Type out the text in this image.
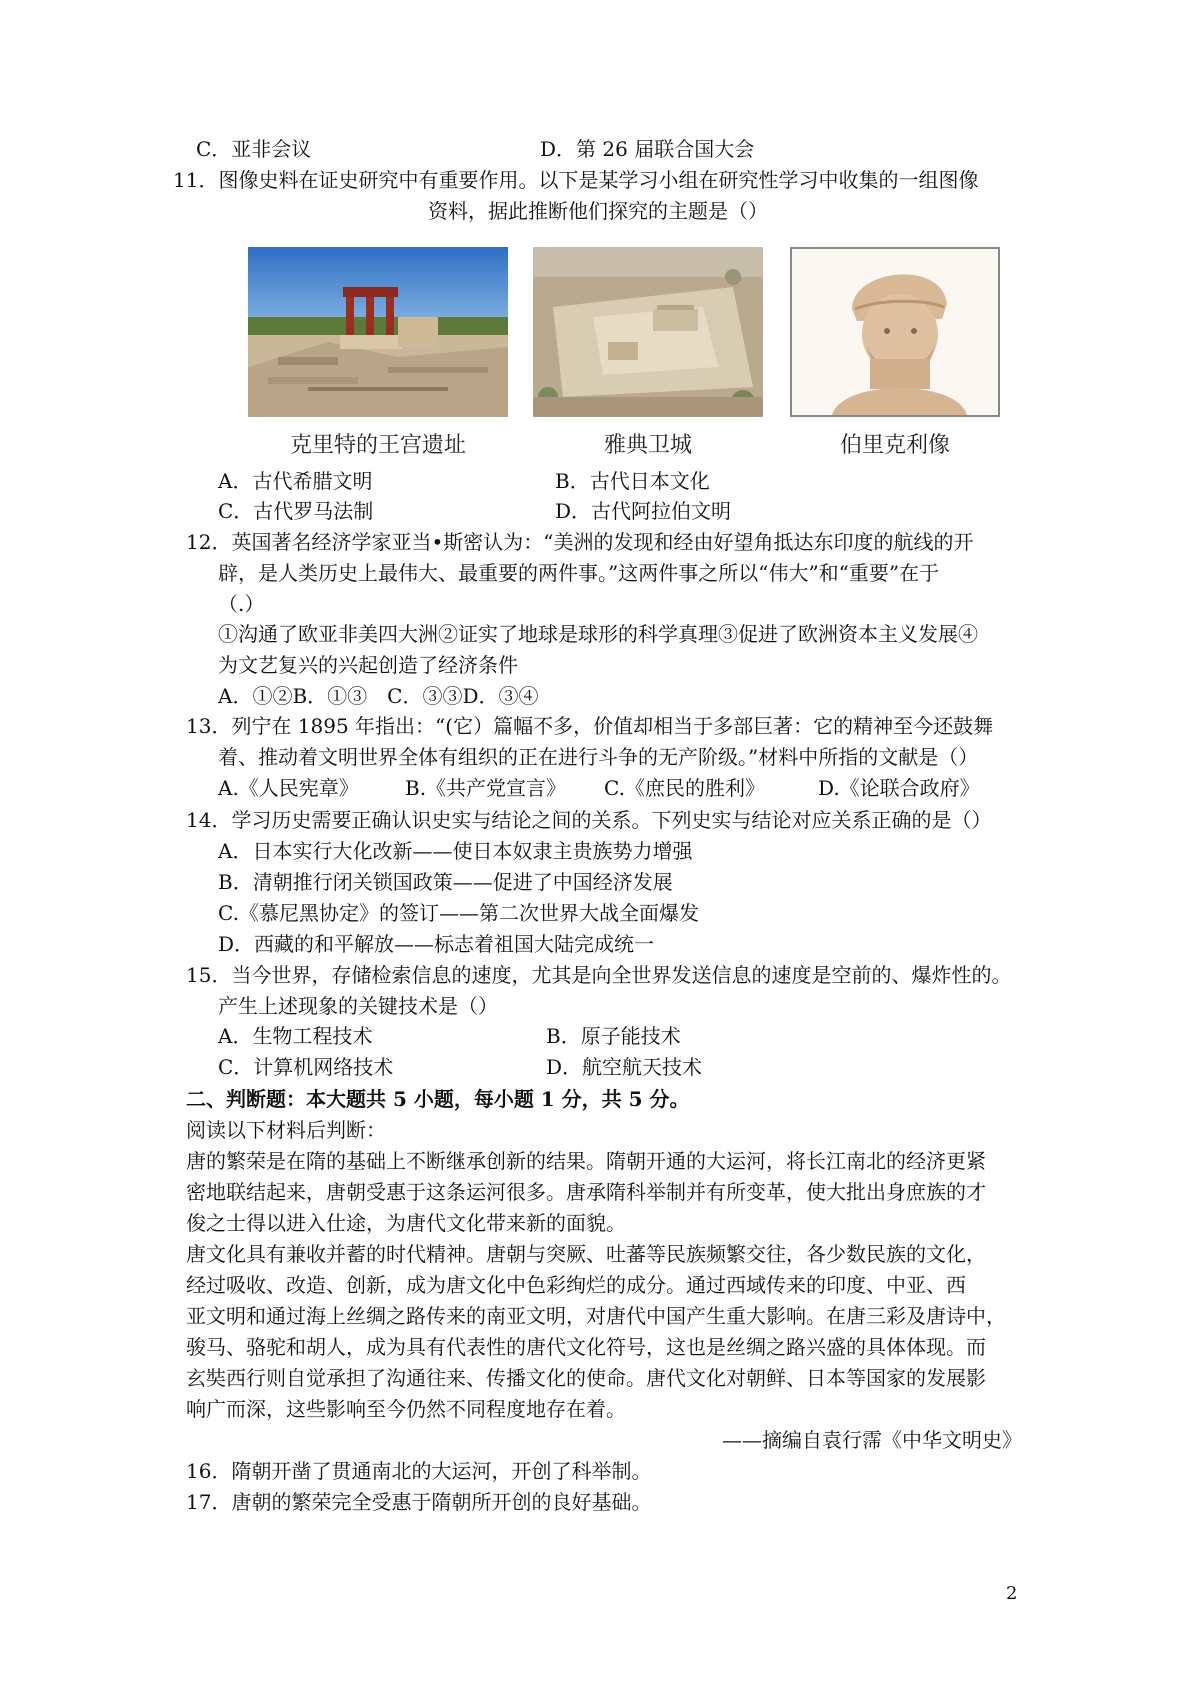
C．亚非会议	D．第 26 届联合国大会
11．图像史料在证史研究中有重要作用。以下是某学习小组在研究性学习中收集的一组图像
资料，据此推断他们探究的主题是（）
克里特的王宫遗址	雅典卫城	伯里克利像
A．古代希腊文明	B．古代日本文化
C．古代罗马法制	D．古代阿拉伯文明
12．英国著名经济学家亚当•斯密认为：“美洲的发现和经由好望角抵达东印度的航线的开
辟，是人类历史上最伟大、最重要的两件事。”这两件事之所以“伟大”和“重要”在于
（.）
①沟通了欧亚非美四大洲②证实了地球是球形的科学真理③促进了欧洲资本主义发展④
为文艺复兴的兴起创造了经济条件
A．①②B．①③　C．③③D．③④
13．列宁在 1895 年指出：“(它）篇幅不多，价值却相当于多部巨著：它的精神至今还鼓舞
着、推动着文明世界全体有组织的正在进行斗争的无产阶级。”材料中所指的文献是（）
A.《人民宪章》 B.《共产党宣言》 C.《庶民的胜利》	D.《论联合政府》
14．学习历史需要正确认识史实与结论之间的关系。下列史实与结论对应关系正确的是（）
A．日本实行大化改新——使日本奴隶主贵族势力增强
B．清朝推行闭关锁国政策——促进了中国经济发展
C.《慕尼黑协定》的签订——第二次世界大战全面爆发
D．西藏的和平解放——标志着祖国大陆完成统一
15．当今世界，存储检索信息的速度，尤其是向全世界发送信息的速度是空前的、爆炸性的。
产生上述现象的关键技术是（）
A．生物工程技术	B．原子能技术
C．计算机网络技术	D．航空航天技术
二、判断题：本大题共 5 小题，每小题 1 分，共 5 分。
阅读以下材料后判断：
唐的繁荣是在隋的基础上不断继承创新的结果。隋朝开通的大运河，将长江南北的经济更紧
密地联结起来，唐朝受惠于这条运河很多。唐承隋科举制并有所变革，使大批出身庶族的才
俊之士得以进入仕途，为唐代文化带来新的面貌。
唐文化具有兼收并蓄的时代精神。唐朝与突厥、吐蕃等民族频繁交往，各少数民族的文化，
经过吸收、改造、创新，成为唐文化中色彩绚烂的成分。通过西域传来的印度、中亚、西
亚文明和通过海上丝绸之路传来的南亚文明，对唐代中国产生重大影响。在唐三彩及唐诗中，
骏马、骆驼和胡人，成为具有代表性的唐代文化符号，这也是丝绸之路兴盛的具体体现。而
玄奘西行则自觉承担了沟通往来、传播文化的使命。唐代文化对朝鲜、日本等国家的发展影
响广而深，这些影响至今仍然不同程度地存在着。
——摘编自袁行霈《中华文明史》
16．隋朝开凿了贯通南北的大运河，开创了科举制。
17．唐朝的繁荣完全受惠于隋朝所开创的良好基础。
2
